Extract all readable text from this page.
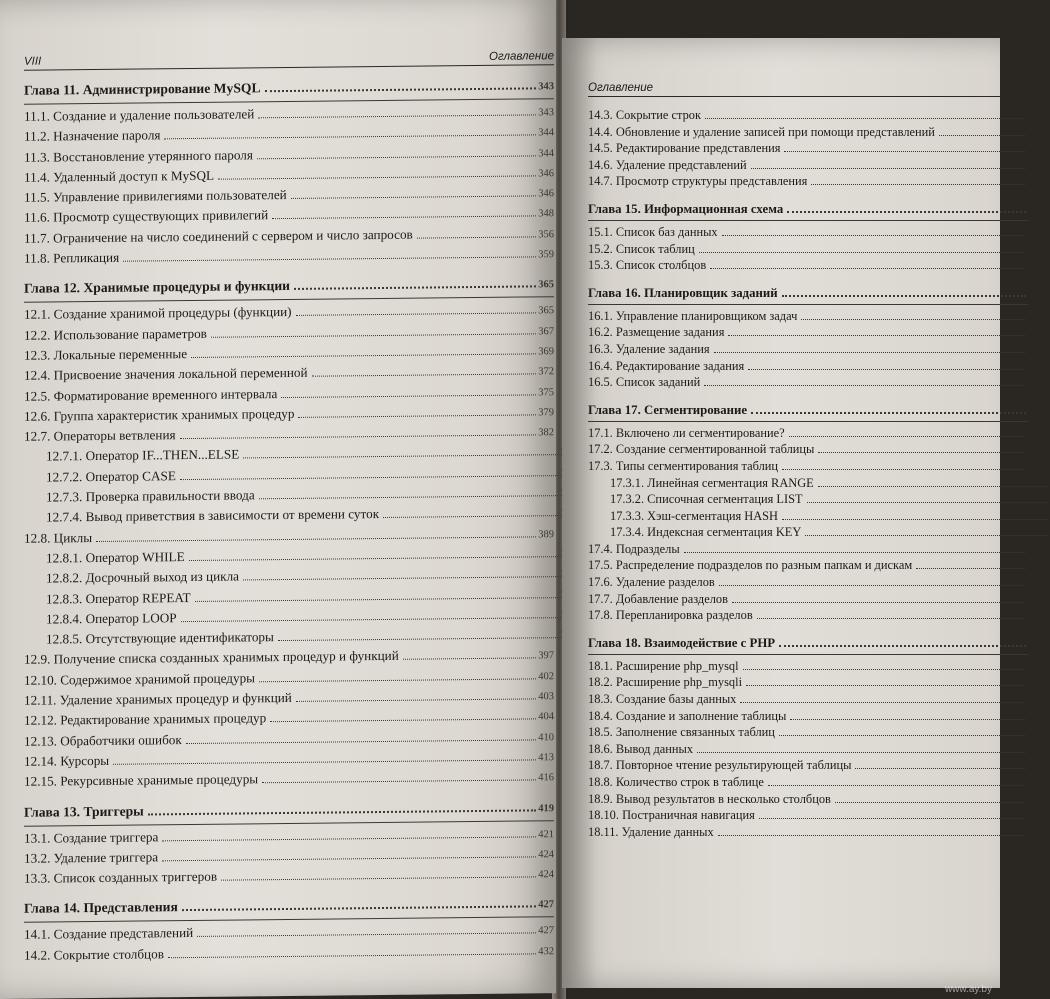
VIII	Оглавление
Глава 11. Администрирование MySQL	343
11.1. Создание и удаление пользователей	343
11.2. Назначение пароля	344
11.3. Восстановление утерянного пароля	344
11.4. Удаленный доступ к MySQL	346
11.5. Управление привилегиями пользователей	346
11.6. Просмотр существующих привилегий	348
11.7. Ограничение на число соединений с сервером и число запросов	356
11.8. Репликация	359
Глава 12. Хранимые процедуры и функции	365
12.1. Создание хранимой процедуры (функции)	365
12.2. Использование параметров	367
12.3. Локальные переменные	369
12.4. Присвоение значения локальной переменной	372
12.5. Форматирование временного интервала	375
12.6. Группа характеристик хранимых процедур	379
12.7. Операторы ветвления	382
12.7.1. Оператор IF...THEN...ELSE
12.7.2. Оператор CASE
12.7.3. Проверка правильности ввода
12.7.4. Вывод приветствия в зависимости от времени суток
12.8. Циклы	389
12.8.1. Оператор WHILE
12.8.2. Досрочный выход из цикла
12.8.3. Оператор REPEAT
12.8.4. Оператор LOOP
12.8.5. Отсутствующие идентификаторы
12.9. Получение списка созданных хранимых процедур и функций	397
12.10. Содержимое хранимой процедуры	402
12.11. Удаление хранимых процедур и функций	403
12.12. Редактирование хранимых процедур	404
12.13. Обработчики ошибок	410
12.14. Курсоры	413
12.15. Рекурсивные хранимые процедуры	416
Глава 13. Триггеры	419
13.1. Создание триггера	421
13.2. Удаление триггера	424
13.3. Список созданных триггеров	424
Глава 14. Представления	427
14.1. Создание представлений	427
14.2. Сокрытие столбцов	432
Оглавление
14.3. Сокрытие строк
14.4. Обновление и удаление записей при помощи представлений
14.5. Редактирование представления
14.6. Удаление представлений
14.7. Просмотр структуры представления
Глава 15. Информационная схема
15.1. Список баз данных
15.2. Список таблиц
15.3. Список столбцов
Глава 16. Планировщик заданий
16.1. Управление планировщиком задач
16.2. Размещение задания
16.3. Удаление задания
16.4. Редактирование задания
16.5. Список заданий
Глава 17. Сегментирование
17.1. Включено ли сегментирование?
17.2. Создание сегментированной таблицы
17.3. Типы сегментирования таблиц
17.3.1. Линейная сегментация RANGE
17.3.2. Списочная сегментация LIST
17.3.3. Хэш-сегментация HASH
17.3.4. Индексная сегментация KEY
17.4. Подразделы
17.5. Распределение подразделов по разным папкам и дискам
17.6. Удаление разделов
17.7. Добавление разделов
17.8. Перепланировка разделов
Глава 18. Взаимодействие с PHP
18.1. Расширение php_mysql
18.2. Расширение php_mysqli
18.3. Создание базы данных
18.4. Создание и заполнение таблицы
18.5. Заполнение связанных таблиц
18.6. Вывод данных
18.7. Повторное чтение результирующей таблицы
18.8. Количество строк в таблице
18.9. Вывод результатов в несколько столбцов
18.10. Постраничная навигация
18.11. Удаление данных
www.ay.by
